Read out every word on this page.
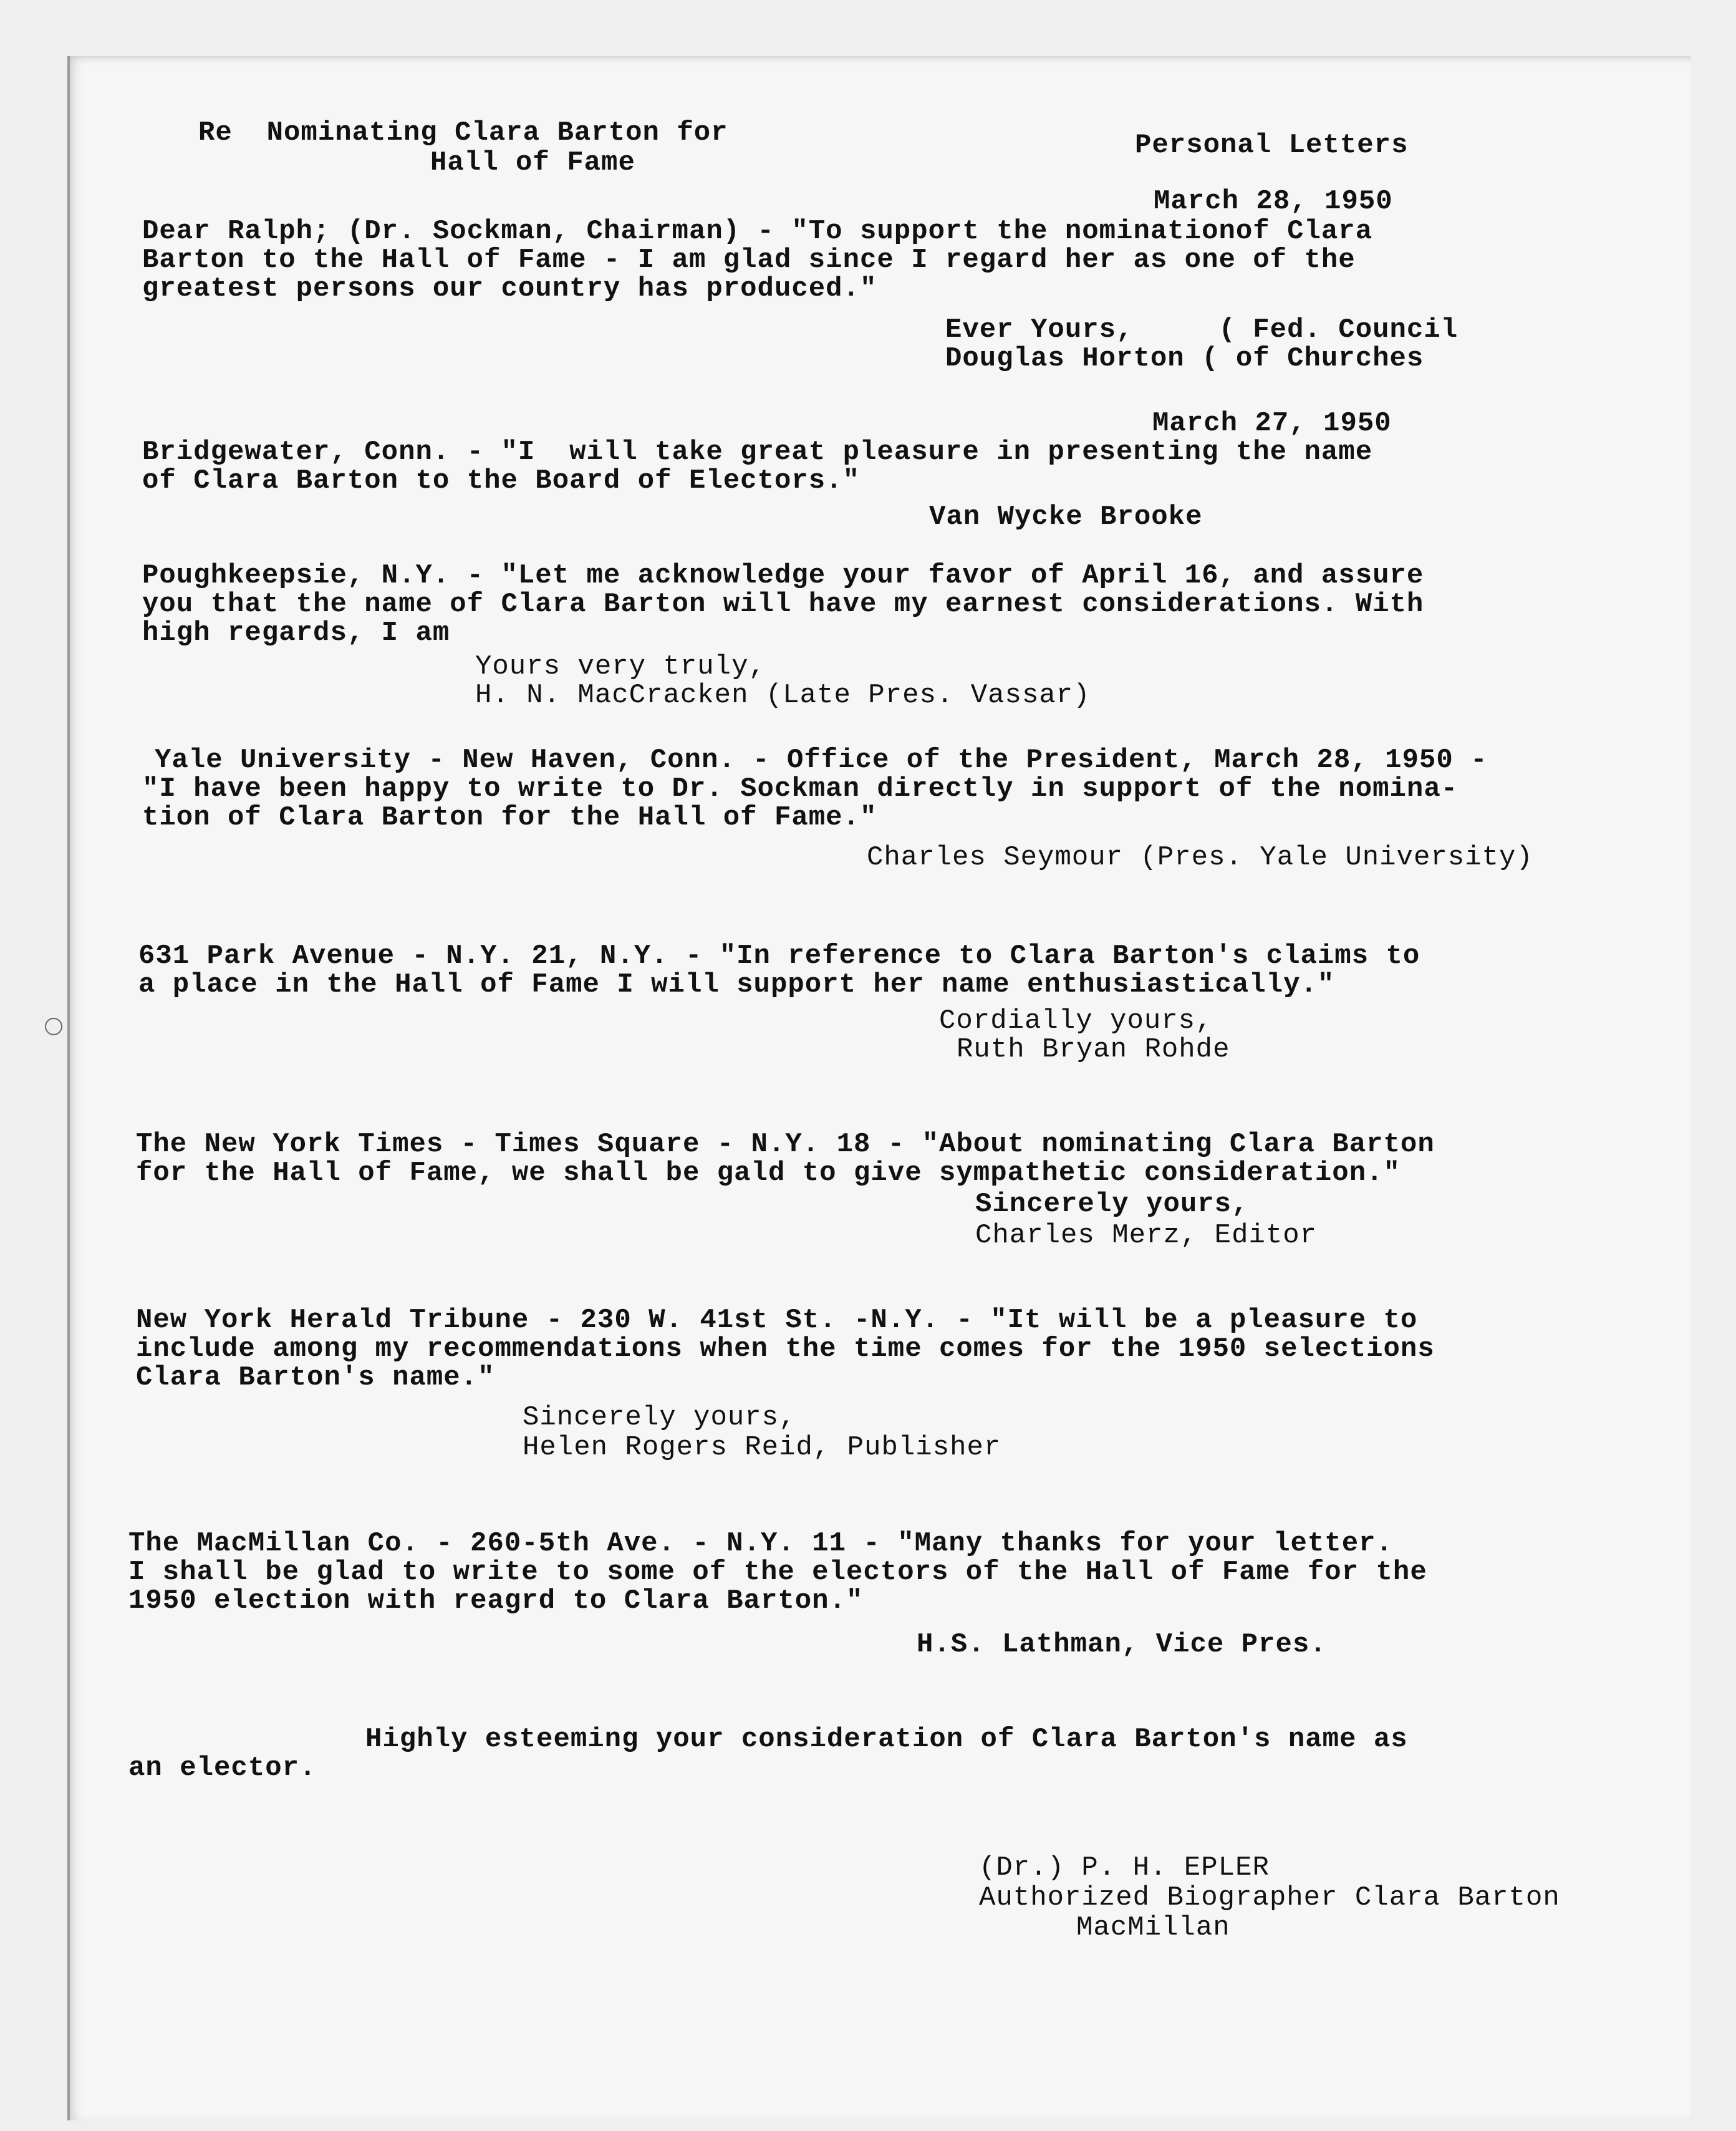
Re  Nominating Clara Barton for
Hall of Fame
Personal Letters
March 28, 1950
Dear Ralph; (Dr. Sockman, Chairman) - "To support the nominationof Clara
Barton to the Hall of Fame - I am glad since I regard her as one of the
greatest persons our country has produced."
Ever Yours,     ( Fed. Council
Douglas Horton ( of Churches
March 27, 1950
Bridgewater, Conn. - "I  will take great pleasure in presenting the name
of Clara Barton to the Board of Electors."
Van Wycke Brooke
Poughkeepsie, N.Y. - "Let me acknowledge your favor of April 16, and assure
you that the name of Clara Barton will have my earnest considerations. With
high regards, I am
Yours very truly,
H. N. MacCracken (Late Pres. Vassar)
Yale University - New Haven, Conn. - Office of the President, March 28, 1950 -
"I have been happy to write to Dr. Sockman directly in support of the nomina-
tion of Clara Barton for the Hall of Fame."
Charles Seymour (Pres. Yale University)
631 Park Avenue - N.Y. 21, N.Y. - "In reference to Clara Barton's claims to
a place in the Hall of Fame I will support her name enthusiastically."
Cordially yours,
Ruth Bryan Rohde
The New York Times - Times Square - N.Y. 18 - "About nominating Clara Barton
for the Hall of Fame, we shall be gald to give sympathetic consideration."
Sincerely yours,
Charles Merz, Editor
New York Herald Tribune - 230 W. 41st St. -N.Y. - "It will be a pleasure to
include among my recommendations when the time comes for the 1950 selections
Clara Barton's name."
Sincerely yours,
Helen Rogers Reid, Publisher
The MacMillan Co. - 260-5th Ave. - N.Y. 11 - "Many thanks for your letter.
I shall be glad to write to some of the electors of the Hall of Fame for the
1950 election with reagrd to Clara Barton."
H.S. Lathman, Vice Pres.
Highly esteeming your consideration of Clara Barton's name as
an elector.
(Dr.) P. H. EPLER
Authorized Biographer Clara Barton
MacMillan
